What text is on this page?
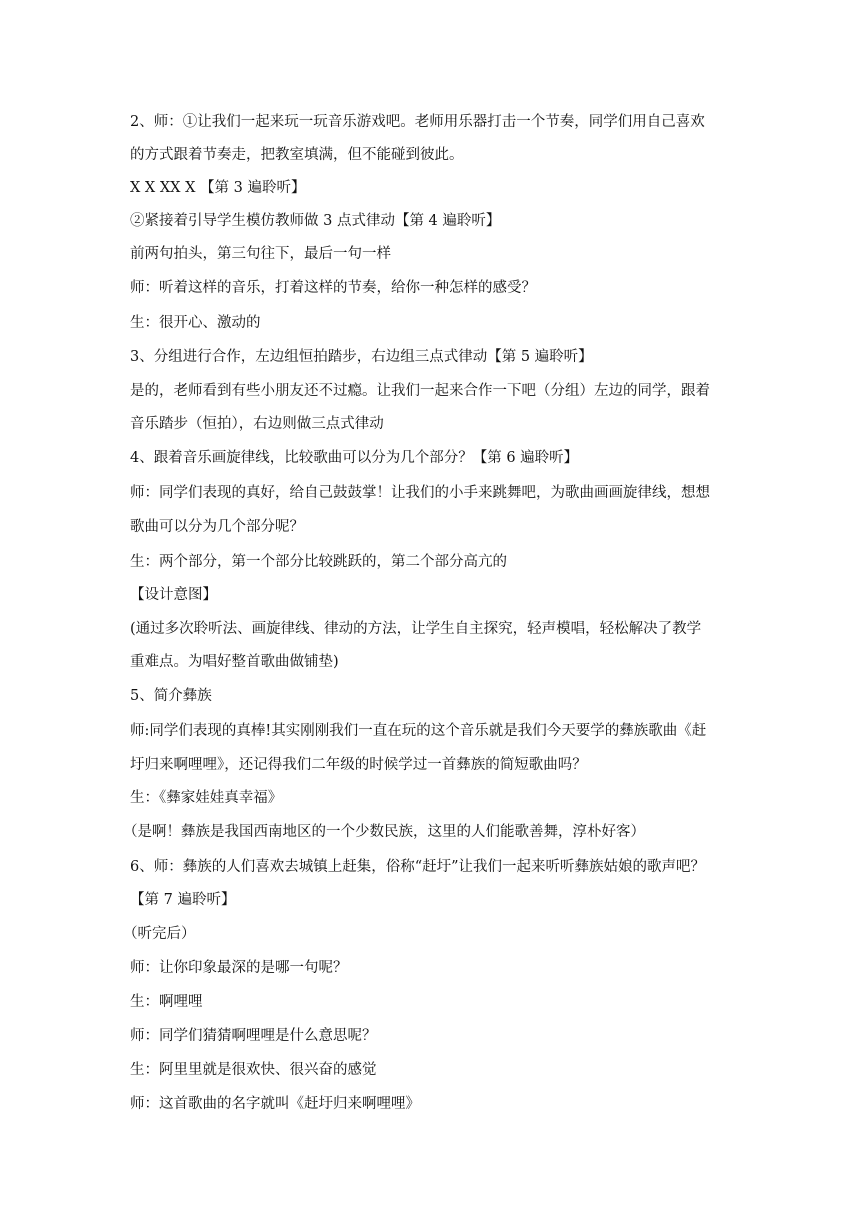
2、师：①让我们一起来玩一玩音乐游戏吧。老师用乐器打击一个节奏，同学们用自己喜欢
的方式跟着节奏走，把教室填满，但不能碰到彼此。
X X XX X 【第 3 遍聆听】
②紧接着引导学生模仿教师做 3 点式律动【第 4 遍聆听】
前两句拍头，第三句往下，最后一句一样
师：听着这样的音乐，打着这样的节奏，给你一种怎样的感受？
生：很开心、激动的
3、分组进行合作，左边组恒拍踏步，右边组三点式律动【第 5 遍聆听】
是的，老师看到有些小朋友还不过瘾。让我们一起来合作一下吧（分组）左边的同学，跟着
音乐踏步（恒拍），右边则做三点式律动
4、跟着音乐画旋律线，比较歌曲可以分为几个部分？【第 6 遍聆听】
师：同学们表现的真好，给自己鼓鼓掌！让我们的小手来跳舞吧，为歌曲画画旋律线，想想
歌曲可以分为几个部分呢？
生：两个部分，第一个部分比较跳跃的，第二个部分高亢的
【设计意图】
(通过多次聆听法、画旋律线、律动的方法，让学生自主探究，轻声模唱，轻松解决了教学
重难点。为唱好整首歌曲做铺垫)
5、简介彝族
师:同学们表现的真棒!其实刚刚我们一直在玩的这个音乐就是我们今天要学的彝族歌曲《赶
圩归来啊哩哩》，还记得我们二年级的时候学过一首彝族的简短歌曲吗？
生：《彝家娃娃真幸福》
（是啊！彝族是我国西南地区的一个少数民族，这里的人们能歌善舞，淳朴好客）
6、师：彝族的人们喜欢去城镇上赶集，俗称“赶圩”让我们一起来听听彝族姑娘的歌声吧？
【第 7 遍聆听】
（听完后）
师：让你印象最深的是哪一句呢？
生：啊哩哩
师：同学们猜猜啊哩哩是什么意思呢？
生：阿里里就是很欢快、很兴奋的感觉
师：这首歌曲的名字就叫《赶圩归来啊哩哩》
